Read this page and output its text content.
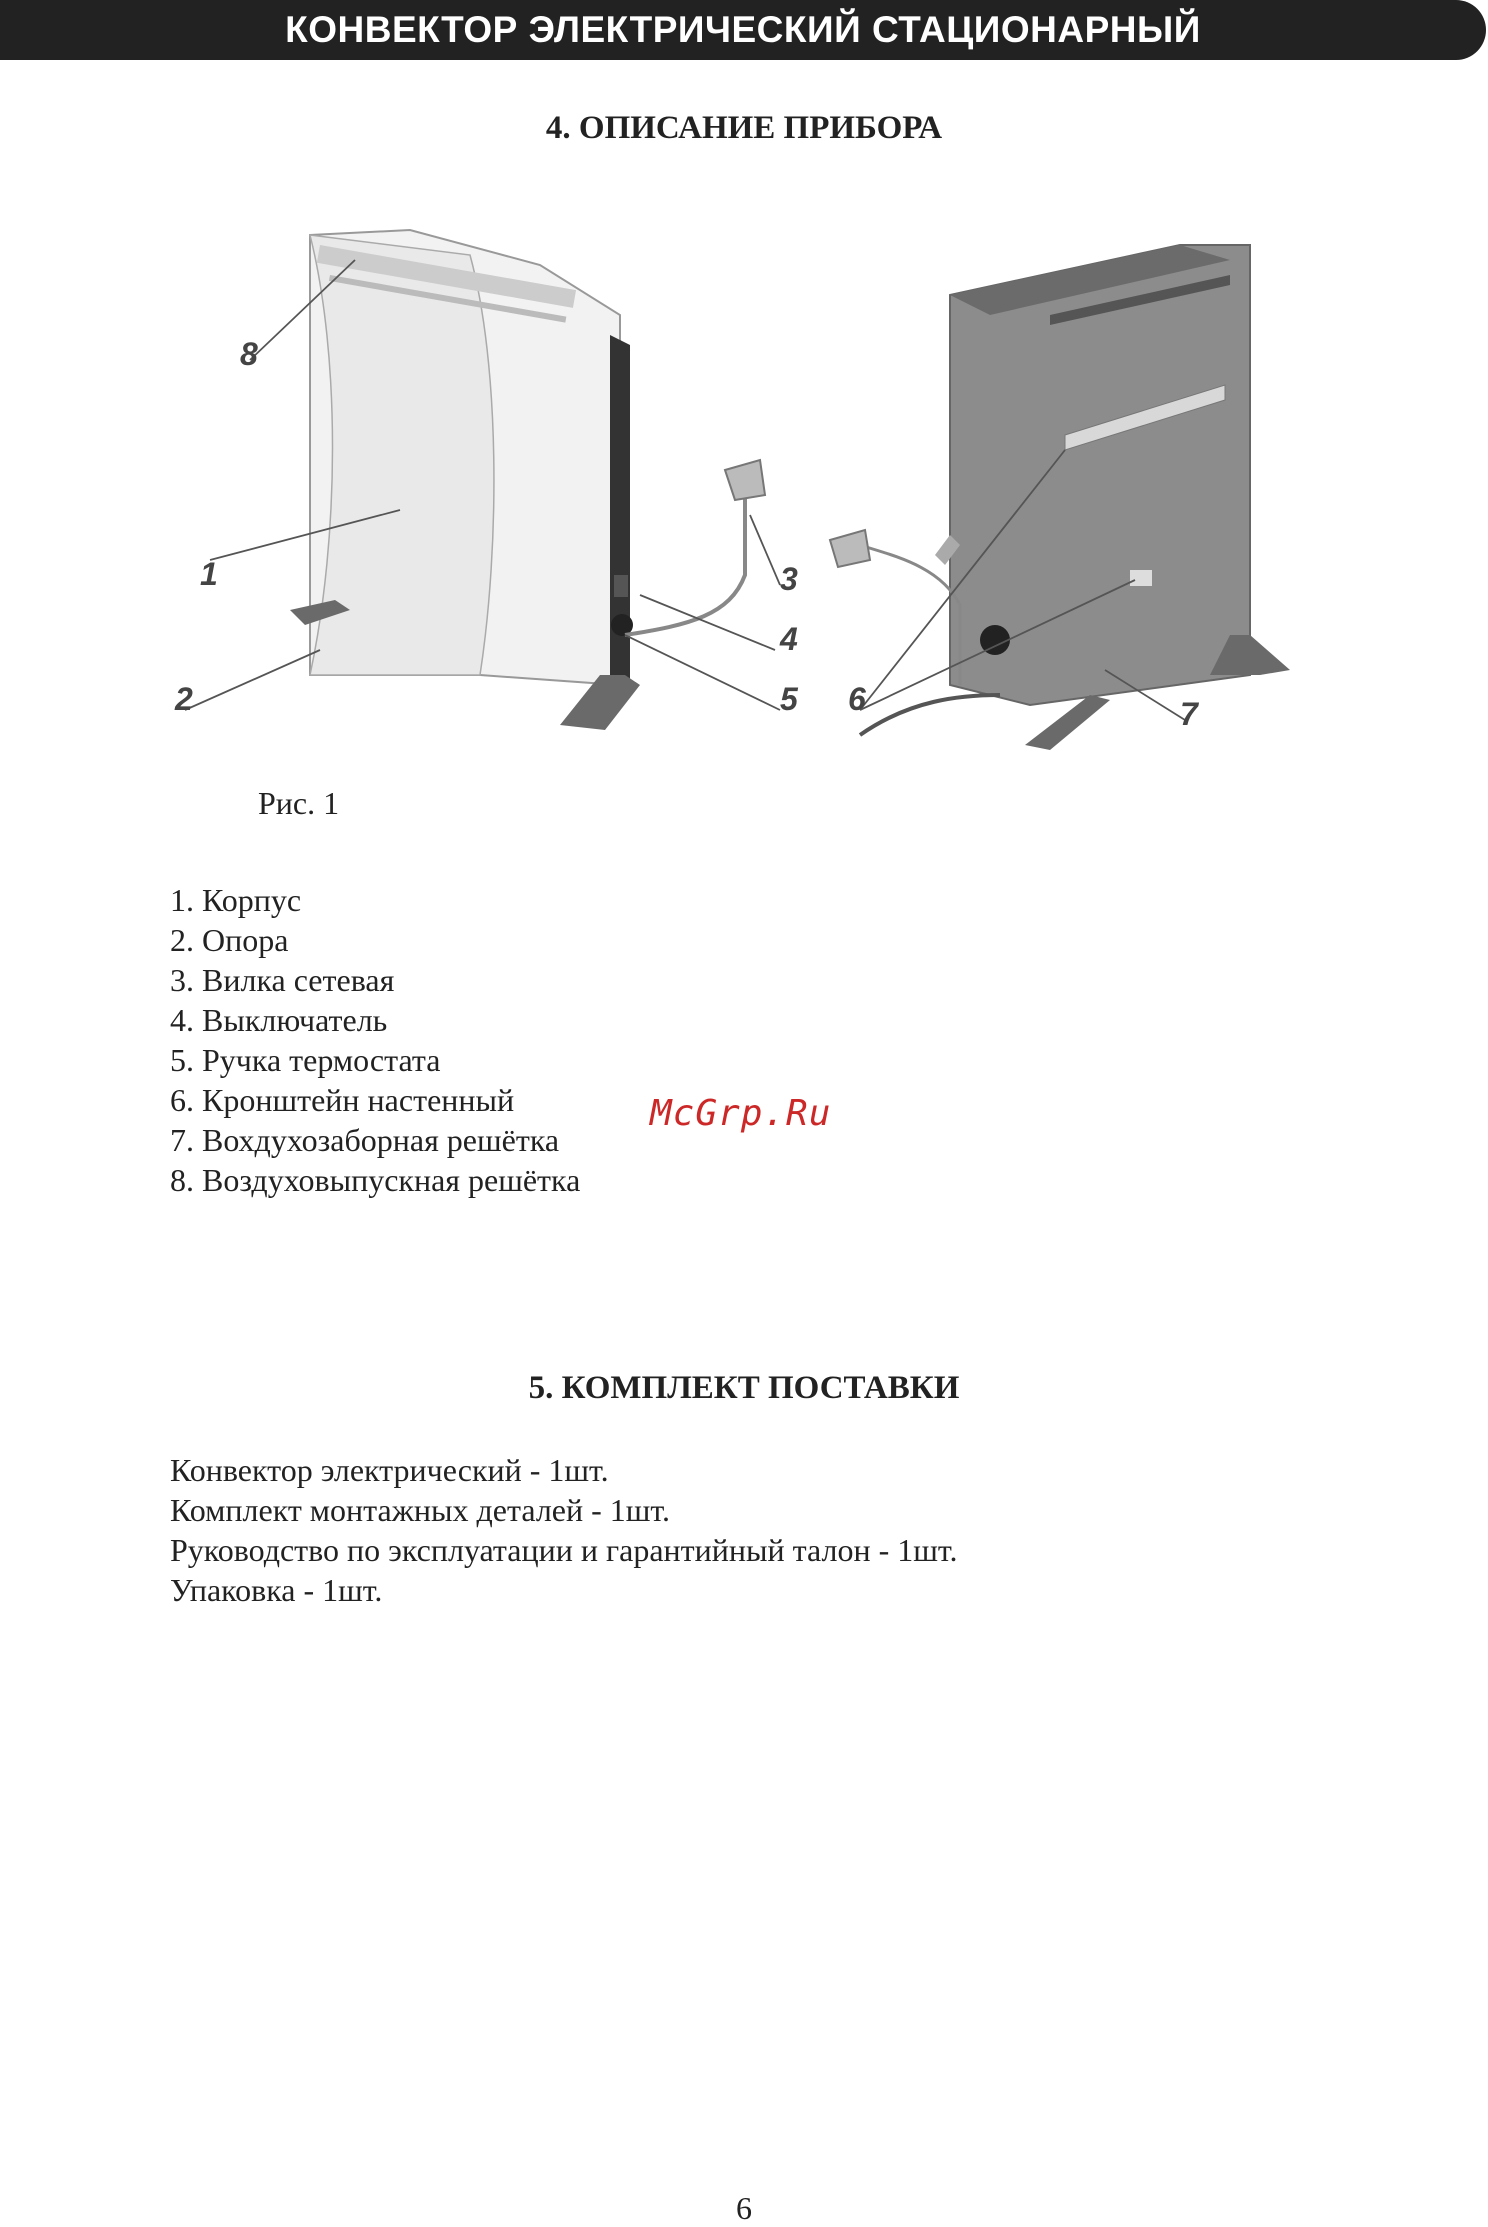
КОНВЕКТОР ЭЛЕКТРИЧЕСКИЙ СТАЦИОНАРНЫЙ
4. ОПИСАНИЕ ПРИБОРА
1
2
3
4
5 6	7
8
Рис. 1
1. Корпус
2. Опора
3. Вилка сетевая
4. Выключатель
5. Ручка термостата
6. Кронштейн настенный
7. Вохдухозаборная решётка
8. Воздуховыпускная решётка
McGrp.Ru
5. КОМПЛЕКТ ПОСТАВКИ
Конвектор электрический - 1шт.
Комплект монтажных деталей - 1шт.
Руководство по эксплуатации и гарантийный талон - 1шт.
Упаковка - 1шт.
6
